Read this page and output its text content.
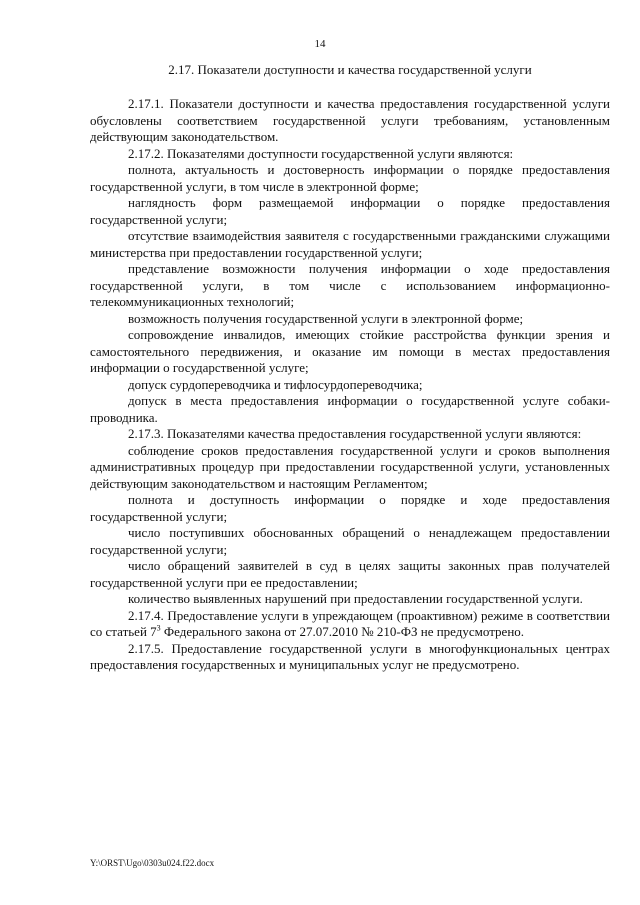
14
2.17. Показатели доступности и качества государственной услуги

2.17.1. Показатели доступности и качества предоставления государственной услуги обусловлены соответствием государственной услуги требованиям, установленным действующим законодательством.

2.17.2. Показателями доступности государственной услуги являются:

полнота, актуальность и достоверность информации о порядке предоставления государственной услуги, в том числе в электронной форме;

наглядность форм размещаемой информации о порядке предоставления государственной услуги;

отсутствие взаимодействия заявителя с государственными гражданскими служащими министерства при предоставлении государственной услуги;

представление возможности получения информации о ходе предоставления государственной услуги, в том числе с использованием информационно-телекоммуникационных технологий;

возможность получения государственной услуги в электронной форме;

сопровождение инвалидов, имеющих стойкие расстройства функции зрения и самостоятельного передвижения, и оказание им помощи в местах предоставления информации о государственной услуге;

допуск сурдопереводчика и тифлосурдопереводчика;

допуск в места предоставления информации о государственной услуге собаки-проводника.

2.17.3. Показателями качества предоставления государственной услуги являются:

соблюдение сроков предоставления государственной услуги и сроков выполнения административных процедур при предоставлении государственной услуги, установленных действующим законодательством и настоящим Регламентом;

полнота и доступность информации о порядке и ходе предоставления государственной услуги;

число поступивших обоснованных обращений о ненадлежащем предоставлении государственной услуги;

число обращений заявителей в суд в целях защиты законных прав получателей государственной услуги при ее предоставлении;

количество выявленных нарушений при предоставлении государственной услуги.

2.17.4. Предоставление услуги в упреждающем (проактивном) режиме в соответствии со статьей $7^3$ Федерального закона от 27.07.2010 № 210-ФЗ не предусмотрено.

2.17.5. Предоставление государственной услуги в многофункциональных центрах предоставления государственных и муниципальных услуг не предусмотрено.

Y:\ORST\Ugo\0303u024.f22.docx
